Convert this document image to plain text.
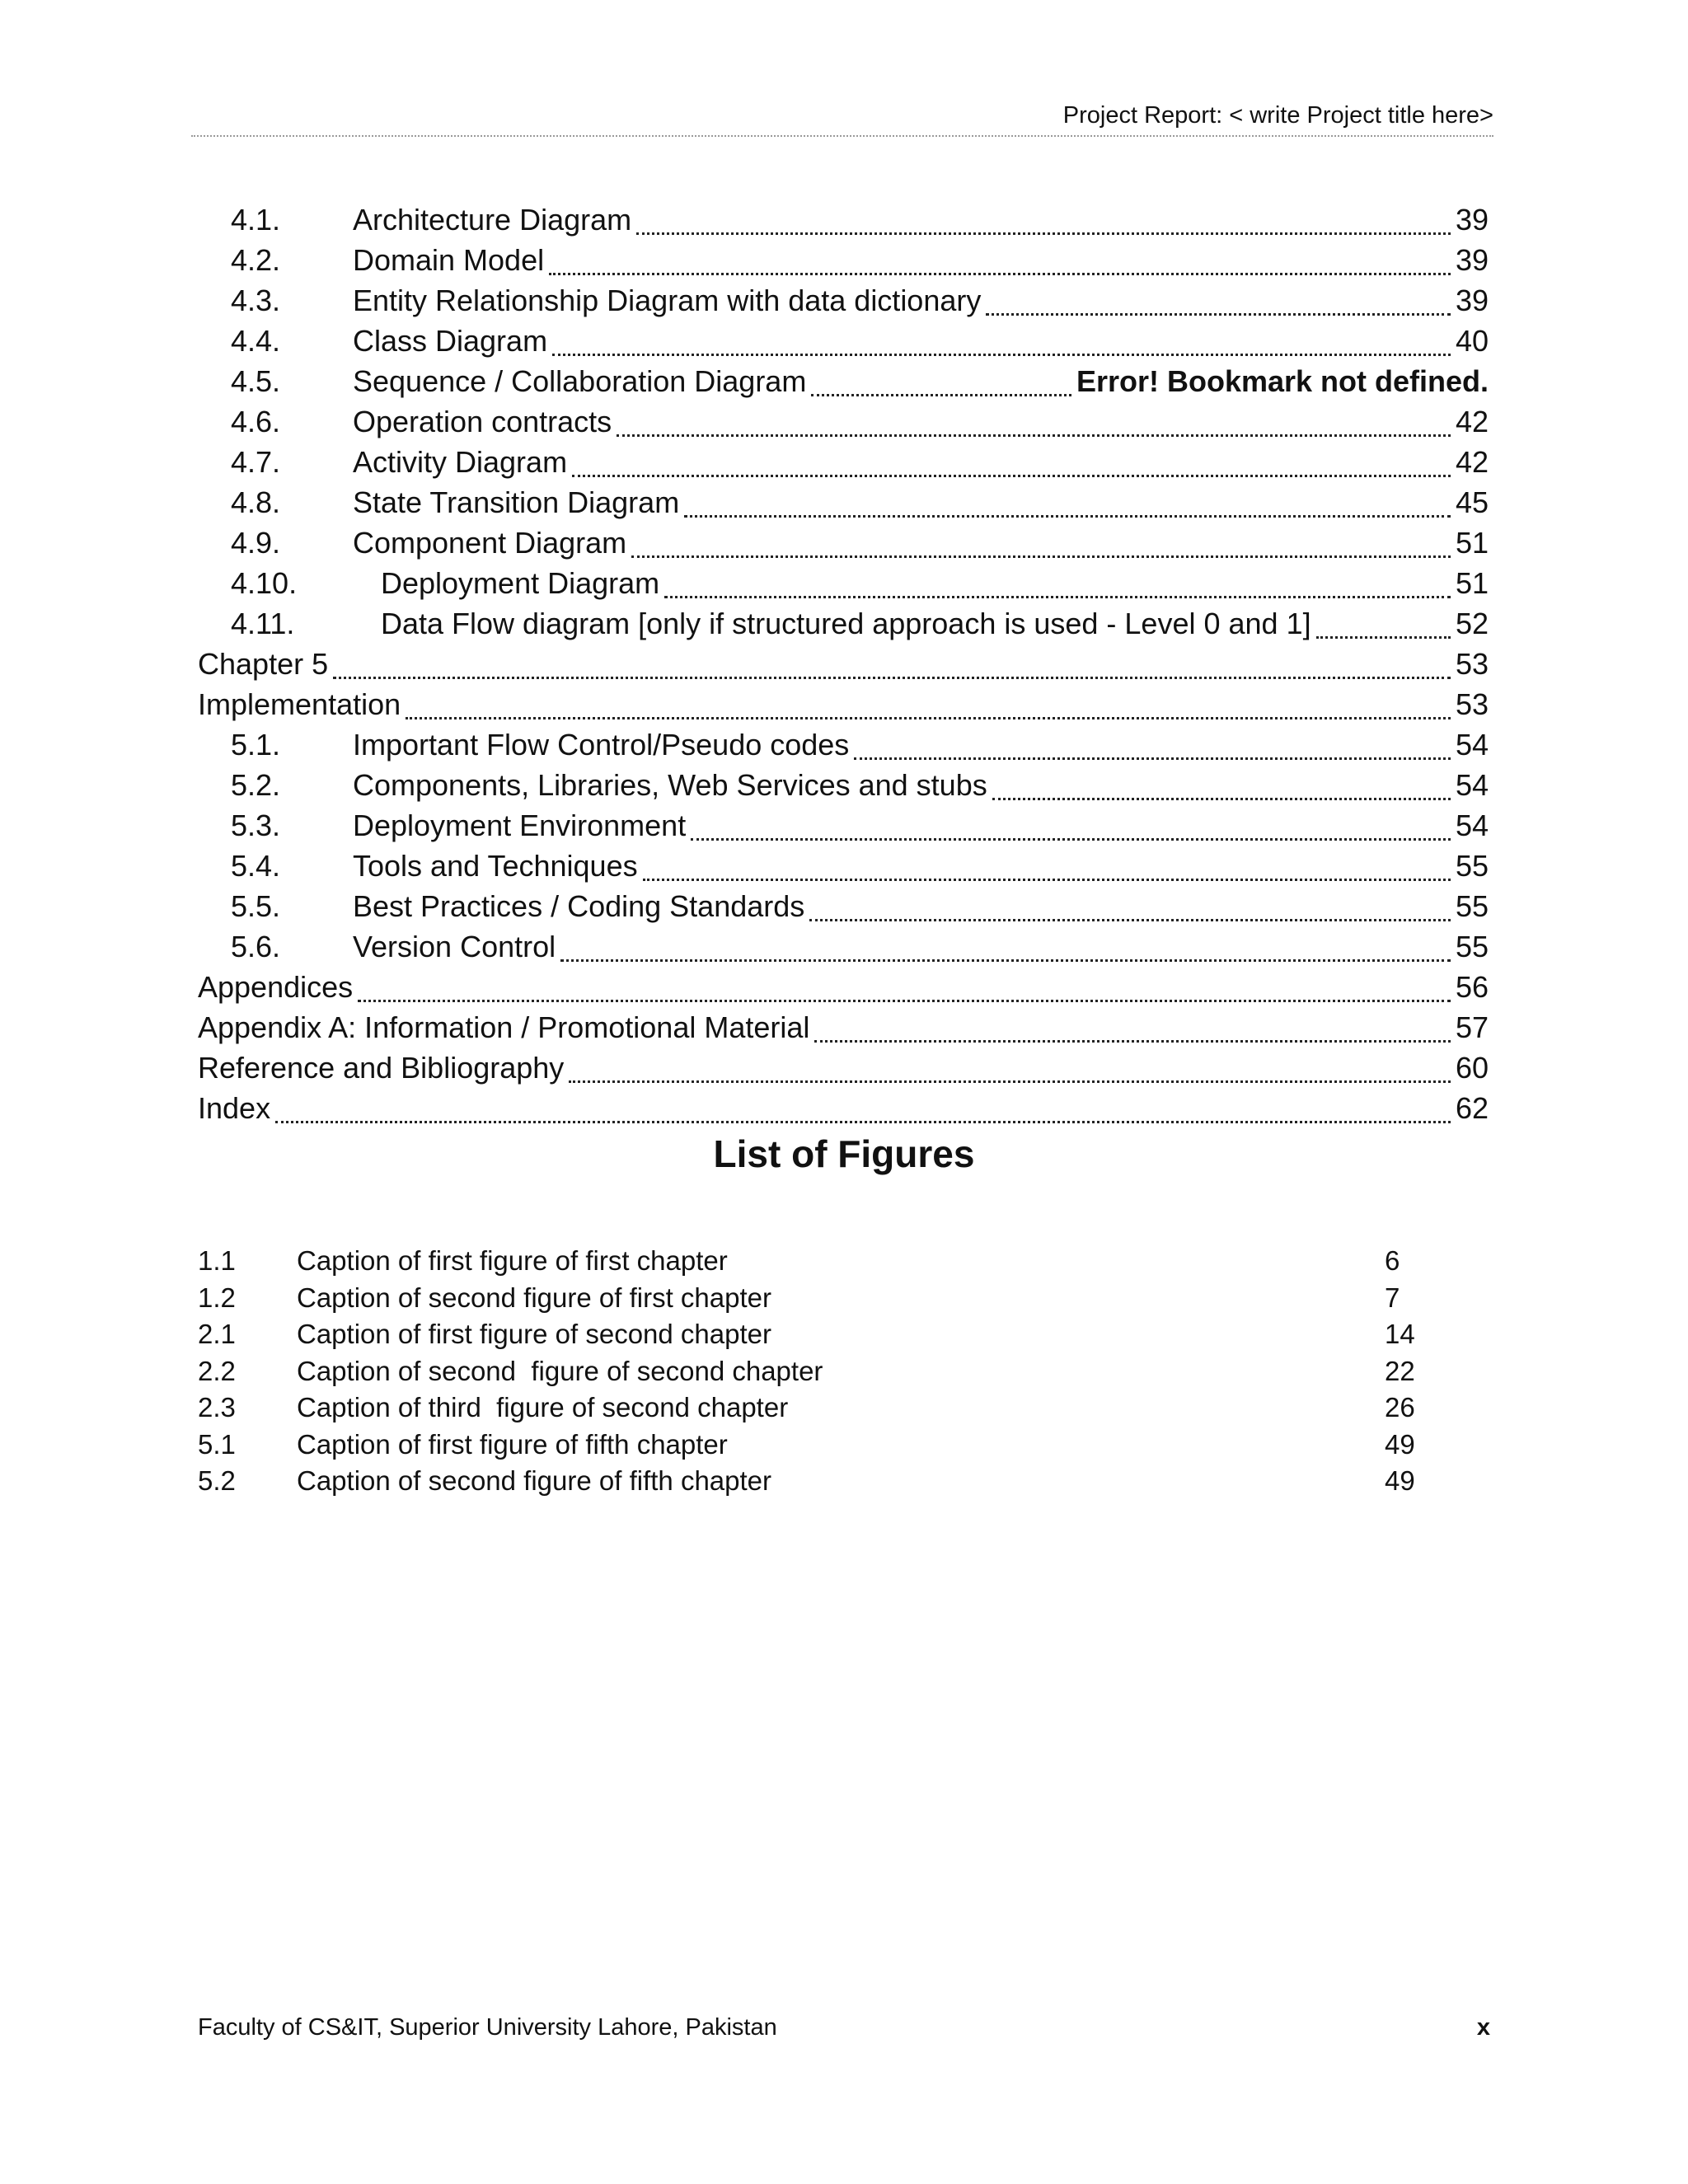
Project Report: < write Project title here>
4.1.	Architecture Diagram	39
4.2.	Domain Model	39
4.3.	Entity Relationship Diagram with data dictionary	39
4.4.	Class Diagram	40
4.5.	Sequence / Collaboration Diagram	Error! Bookmark not defined.
4.6.	Operation contracts	42
4.7.	Activity Diagram	42
4.8.	State Transition Diagram	45
4.9.	Component Diagram	51
4.10.	Deployment Diagram	51
4.11.	Data Flow diagram [only if structured approach is used - Level 0 and 1]	52
Chapter 5	53
Implementation	53
5.1.	Important Flow Control/Pseudo codes	54
5.2.	Components, Libraries, Web Services and stubs	54
5.3.	Deployment Environment	54
5.4.	Tools and Techniques	55
5.5.	Best Practices / Coding Standards	55
5.6.	Version Control	55
Appendices	56
Appendix A: Information / Promotional Material	57
Reference and Bibliography	60
Index	62
List of Figures
1.1	Caption of first figure of first chapter	6
1.2	Caption of second figure of first chapter	7
2.1	Caption of first figure of second chapter	14
2.2	Caption of second  figure of second chapter	22
2.3	Caption of third  figure of second chapter	26
5.1	Caption of first figure of fifth chapter	49
5.2	Caption of second figure of fifth chapter	49
Faculty of CS&IT, Superior University Lahore, Pakistan	x
